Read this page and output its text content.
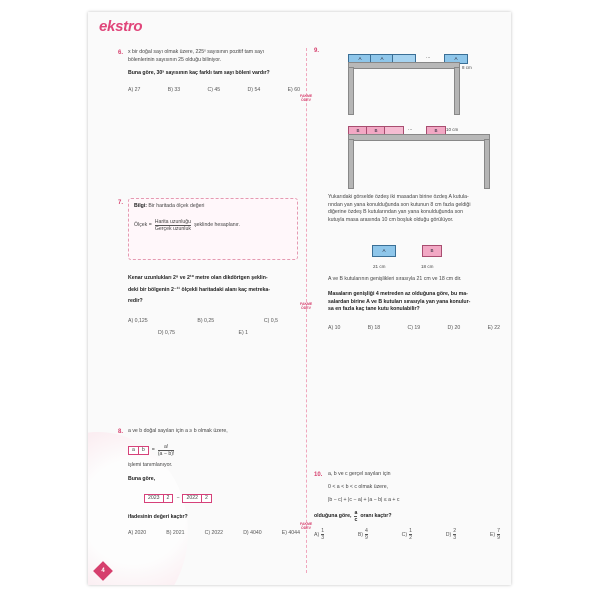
ekstro
FAKME ÖDEV
FAKME ÖDEV
FAKME ÖDEV
6. x bir doğal sayı olmak üzere, 225ˣ sayısının pozitif tam sayı
bölenlerinin sayısının 25 olduğu biliniyor.
Buna göre, 30ˣ sayısının kaç farklı tam sayı böleni vardır?
A) 27	B) 33	C) 45	D) 54	E) 60
7. Bilgi: Bir haritada ölçek değeri
Ölçek = $\frac{\text{Harita uzunluğu}}{\text{Gerçek uzunluk}}$ şeklinde hesaplanır.
Kenar uzunlukları 2⁸ ve 2¹⁰ metre olan dikdörtgen şeklin-
deki bir bölgenin 2⁻¹¹ ölçekli haritadaki alanı kaç metreka-
redir?
A) 0,125	B) 0,25	C) 0,5
D) 0,75	E) 1
8. a ve b doğal sayıları için a ≥ b olmak üzere,
a	b	= $\frac{a!}{(a - b)!}$
işlemi tanımlanıyor.
Buna göre,
2023	2	−	2022	2
ifadesinin değeri kaçtır?
A) 2020	B) 2021	C) 2022	D) 4040	E) 4044
9.
A	A	...	A
8 cm
B	B	...	B	10 cm
Yukarıdaki görselde özdeş iki masadan birine özdeş A kutula-
rından yan yana konulduğunda son kutunun 8 cm fazla geldiği
diğerine özdeş B kutularından yan yana konulduğunda son
kutuyla masa arasında 10 cm boşluk olduğu görülüyor.
A	B
21 cm	18 cm
A ve B kutularının genişlikleri sırasıyla 21 cm ve 18 cm dir.
Masaların genişliği 4 metreden az olduğuna göre, bu ma-
salardan birine A ve B kutuları sırasıyla yan yana konulur-
sa en fazla kaç tane kutu konulabilir?
A) 10	B) 18	C) 19	D) 20	E) 22
10. a, b ve c gerçel sayıları için
0 < a < b < c olmak üzere,
|b − c| + |c − a| + |a − b| ≤ a + c
olduğuna göre, $\frac{a}{c}$ oranı kaçtır?
$A) \frac{1}{3}$	$B) \frac{4}{9}$	$C) \frac{1}{2}$	$D) \frac{2}{3}$	$E) \frac{7}{9}$
4
